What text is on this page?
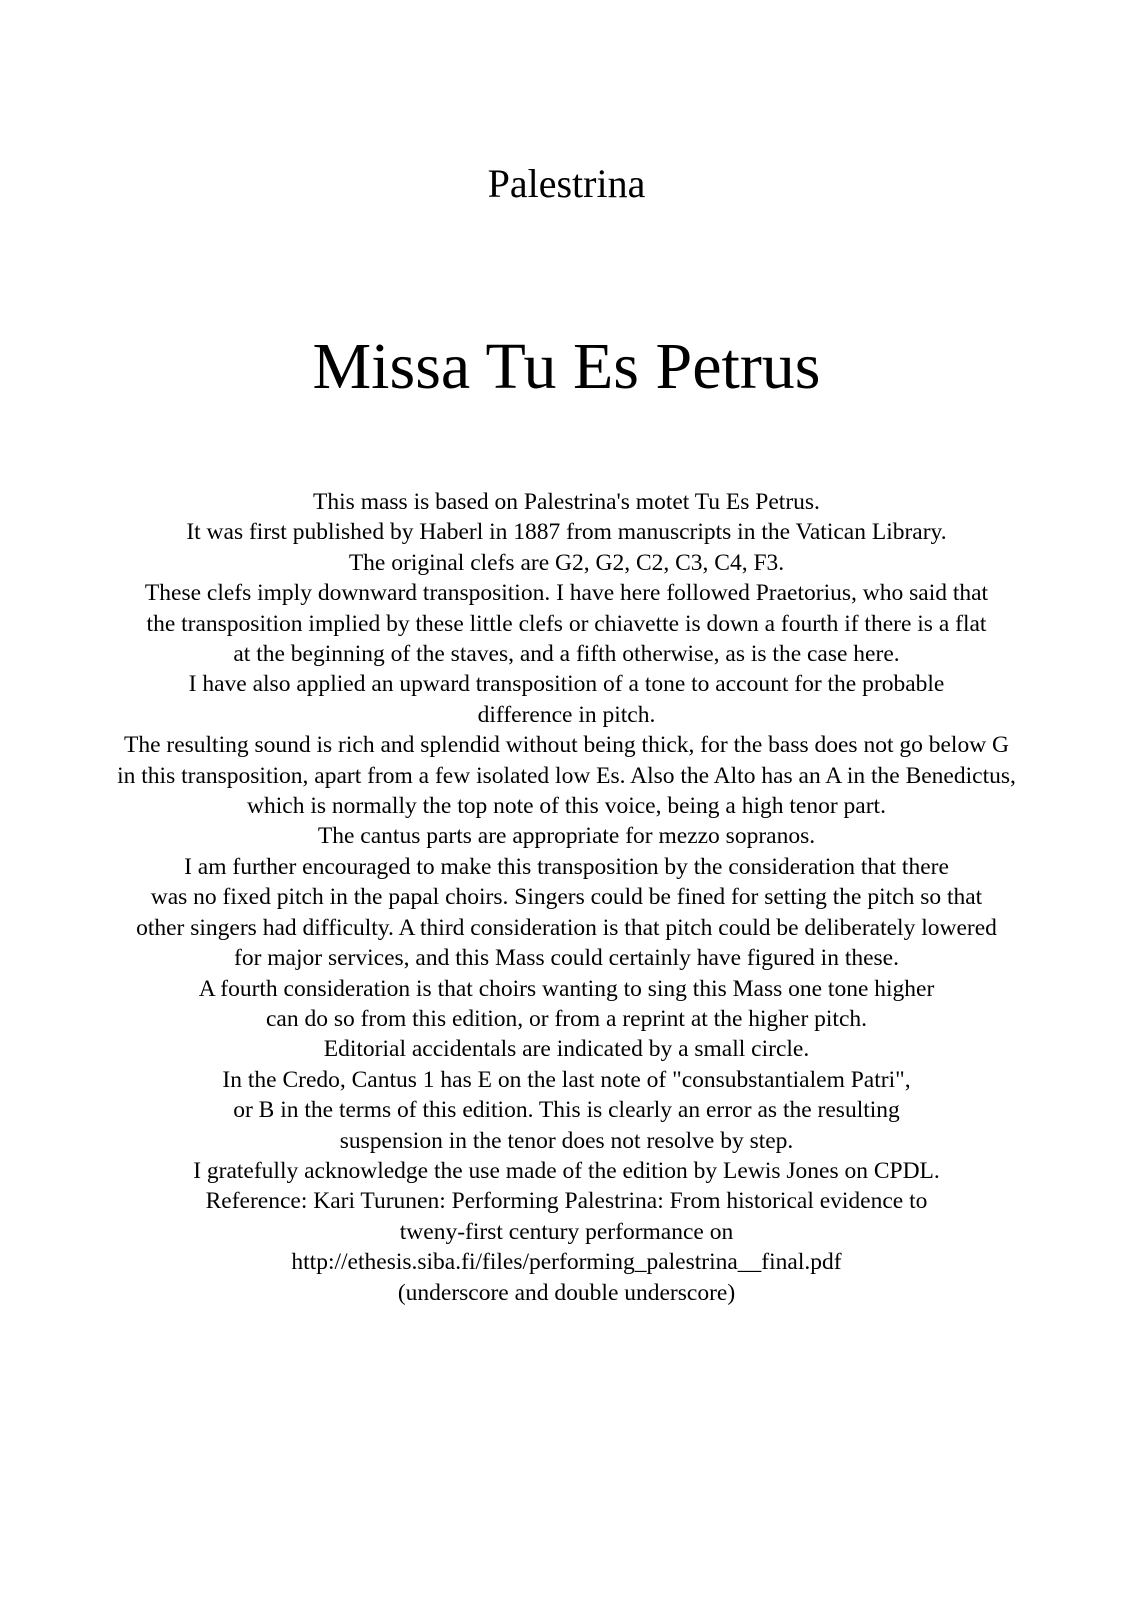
Palestrina
Missa Tu Es Petrus
This mass is based on Palestrina's motet Tu Es Petrus.
It was first published by Haberl in 1887 from manuscripts in the Vatican Library.
The original clefs are G2, G2, C2, C3, C4, F3.
These clefs imply downward transposition. I have here followed Praetorius, who said that
the transposition implied by these little clefs or chiavette is down a fourth if there is a flat
at the beginning of the staves, and a fifth otherwise, as is the case here.
I have also applied an upward transposition of a tone to account for the probable
difference in pitch.
The resulting sound is rich and splendid without being thick, for the bass does not go below G
in this transposition, apart from a few isolated low Es. Also the Alto has an A in the Benedictus,
which is normally the top note of this voice, being a high tenor part.
The cantus parts are appropriate for mezzo sopranos.
I am further encouraged to make this transposition by the consideration that there
was no fixed pitch in the papal choirs. Singers could be fined for setting the pitch so that
other singers had difficulty. A third consideration is that pitch could be deliberately lowered
for major services, and this Mass could certainly have figured in these.
A fourth consideration is that choirs wanting to sing this Mass one tone higher
can do so from this edition, or from a reprint at the higher pitch.
Editorial accidentals are indicated by a small circle.
In the Credo, Cantus 1 has E on the last note of "consubstantialem Patri",
or B in the terms of this edition. This is clearly an error as the resulting
suspension in the tenor does not resolve by step.
I gratefully acknowledge the use made of the edition by Lewis Jones on CPDL.
Reference: Kari Turunen: Performing Palestrina: From historical evidence to
tweny-first century performance on
http://ethesis.siba.fi/files/performing_palestrina__final.pdf
(underscore and double underscore)
